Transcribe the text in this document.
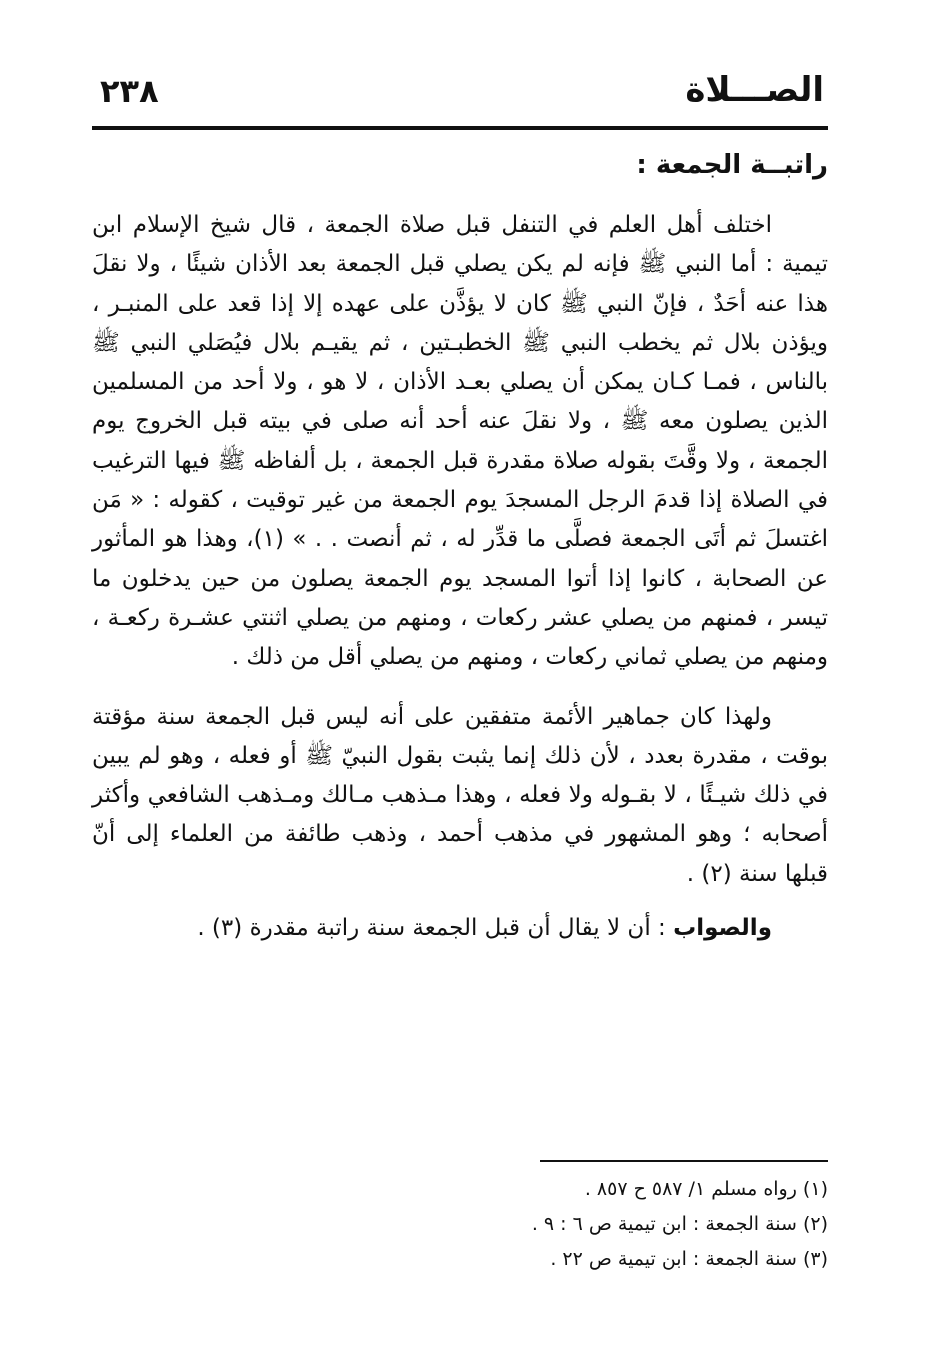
٢٣٨	الصـــلاة
راتبــة الجمعة :

اختلف أهل العلم في التنفل قبل صلاة الجمعة ، قال شيخ الإسلام ابن تيمية : أما النبي ﷺ فإنه لم يكن يصلي قبل الجمعة بعد الأذان شيئًا ، ولا نقلَ هذا عنه أحَدٌ ، فإنّ النبي ﷺ كان لا يؤذَّن على عهده إلا إذا قعد على المنبـر ، ويؤذن بلال ثم يخطب النبي ﷺ الخطبـتين ، ثم يقيـم بلال فيُصَلي النبي ﷺ بالناس ، فمـا كـان يمكن أن يصلي بعـد الأذان ، لا هو ، ولا أحد من المسلمين الذين يصلون معه ﷺ ، ولا نقلَ عنه أحد أنه صلى في بيته قبل الخروج يوم الجمعة ، ولا وقَّتَ بقوله صلاة مقدرة قبل الجمعة ، بل ألفاظه ﷺ فيها الترغيب في الصلاة إذا قدمَ الرجل المسجدَ يوم الجمعة من غير توقيت ، كقوله : « مَن اغتسلَ ثم أتَى الجمعة فصلَّى ما قدِّر له ، ثم أنصت . . » (١)، وهذا هو المأثور عن الصحابة ، كانوا إذا أتوا المسجد يوم الجمعة يصلون من حين يدخلون ما تيسر ، فمنهم من يصلي عشر ركعات ، ومنهم من يصلي اثنتي عشـرة ركعـة ، ومنهم من يصلي ثماني ركعات ، ومنهم من يصلي أقل من ذلك .

ولهذا كان جماهير الأئمة متفقين على أنه ليس قبل الجمعة سنة مؤقتة بوقت ، مقدرة بعدد ، لأن ذلك إنما يثبت بقول النبيّ ﷺ أو فعله ، وهو لم يبين في ذلك شيـئًا ، لا بقـوله ولا فعله ، وهذا مـذهب مـالك ومـذهب الشافعي وأكثر أصحابه ؛ وهو المشهور في مذهب أحمد ، وذهب طائفة من العلماء إلى أنّ قبلها سنة (٢) .

والصواب : أن لا يقال أن قبل الجمعة سنة راتبة مقدرة (٣) .

(١) رواه مسلم ١/ ٥٨٧ ح ٨٥٧ .

(٢) سنة الجمعة : ابن تيمية ص ٦ : ٩ .

(٣) سنة الجمعة : ابن تيمية ص ٢٢ .
